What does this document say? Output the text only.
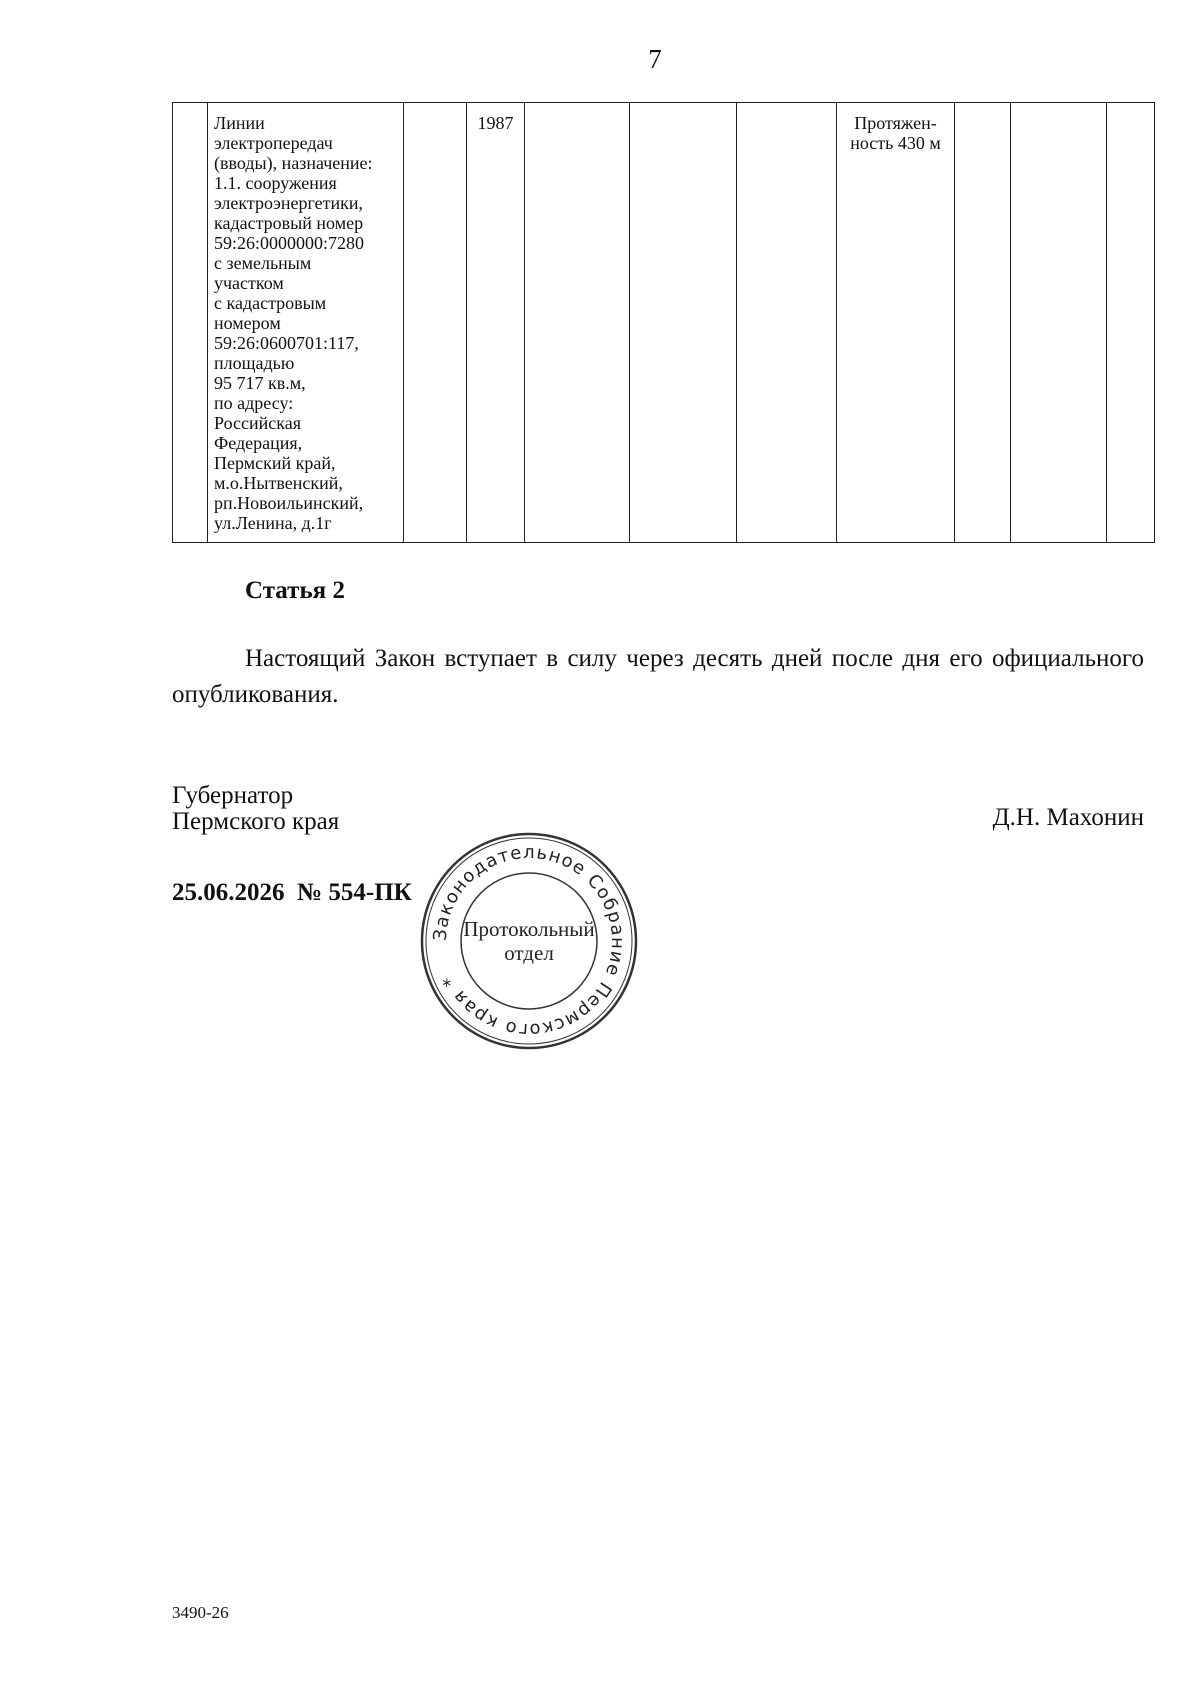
7
	Линии
электропередач
(вводы), назначение:
1.1. сооружения
электроэнергетики,
кадастровый номер
59:26:0000000:7280
с земельным
участком
с кадастровым
номером
59:26:0600701:117,
площадью
95 717 кв.м,
по адресу:
Российская
Федерация,
Пермский край,
м.о.Нытвенский,
рп.Новоильинский,
ул.Ленина, д.1г		1987				Протяжен-
ность 430 м			
Статья 2
Настоящий Закон вступает в силу через десять дней после дня его официального опубликования.
Губернатор
Пермского края	Д.Н. Махонин
Законодательное Собрание Пермского края *
Протокольный
отдел
25.06.2026  № 554-ПК
3490-26
